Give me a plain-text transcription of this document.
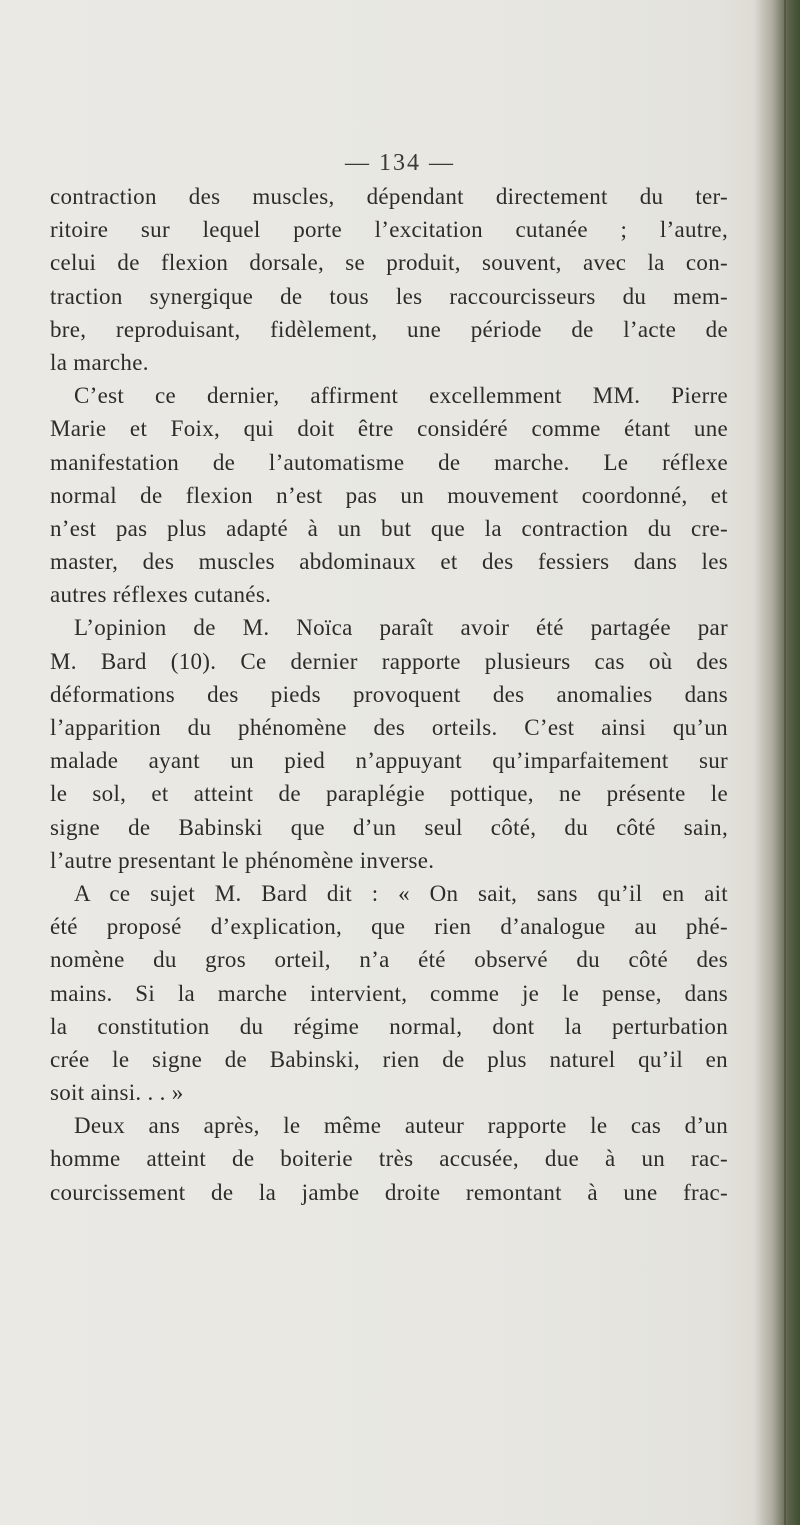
— 134 —
contraction des muscles, dépendant directement du ter-
ritoire sur lequel porte l’excitation cutanée ; l’autre,
celui de flexion dorsale, se produit, souvent, avec la con-
traction synergique de tous les raccourcisseurs du mem-
bre, reproduisant, fidèlement, une période de l’acte de
la marche.
C’est ce dernier, affirment excellemment MM. Pierre
Marie et Foix, qui doit être considéré comme étant une
manifestation de l’automatisme de marche. Le réflexe
normal de flexion n’est pas un mouvement coordonné, et
n’est pas plus adapté à un but que la contraction du cre-
master, des muscles abdominaux et des fessiers dans les
autres réflexes cutanés.
L’opinion de M. Noïca paraît avoir été partagée par
M. Bard (10). Ce dernier rapporte plusieurs cas où des
déformations des pieds provoquent des anomalies dans
l’apparition du phénomène des orteils. C’est ainsi qu’un
malade ayant un pied n’appuyant qu’imparfaitement sur
le sol, et atteint de paraplégie pottique, ne présente le
signe de Babinski que d’un seul côté, du côté sain,
l’autre presentant le phénomène inverse.
A ce sujet M. Bard dit : « On sait, sans qu’il en ait
été proposé d’explication, que rien d’analogue au phé-
nomène du gros orteil, n’a été observé du côté des
mains. Si la marche intervient, comme je le pense, dans
la constitution du régime normal, dont la perturbation
crée le signe de Babinski, rien de plus naturel qu’il en
soit ainsi. . . »
Deux ans après, le même auteur rapporte le cas d’un
homme atteint de boiterie très accusée, due à un rac-
courcissement de la jambe droite remontant à une frac-
